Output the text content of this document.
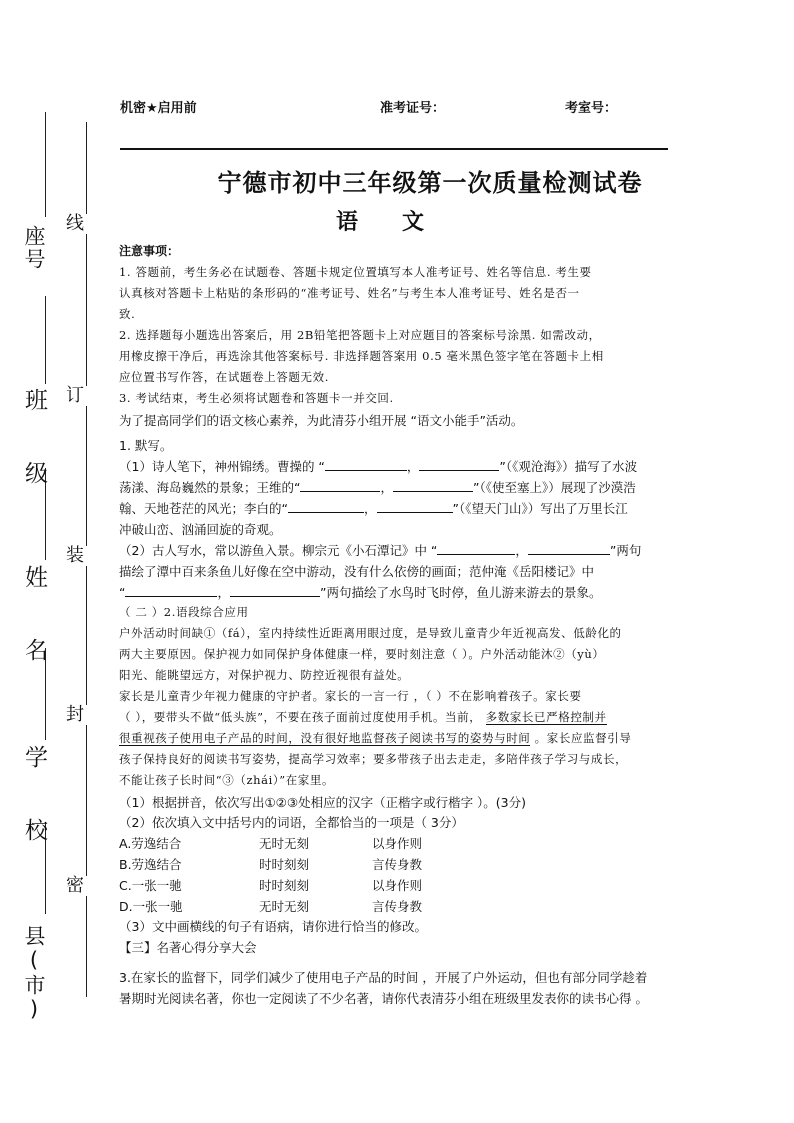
县(市)
学 校
姓 名
班 级
座号
密
封
装
订
线
机密★启用前	准考证号：	考室号：
宁德市初中三年级第一次质量检测试卷
语文
注意事项：
1. 答题前，考生务必在试题卷、答题卡规定位置填写本人准考证号、姓名等信息. 考生要
认真核对答题卡上粘贴的条形码的“准考证号、姓名”与考生本人准考证号、姓名是否一
致.
2. 选择题每小题选出答案后，用 2B铅笔把答题卡上对应题目的答案标号涂黑. 如需改动，
用橡皮擦干净后，再选涂其他答案标号. 非选择题答案用 0.5 毫米黑色签字笔在答题卡上相
应位置书写作答，在试题卷上答题无效.
3. 考试结束，考生必须将试题卷和答题卡一并交回.
为了提高同学们的语文核心素养，为此清芬小组开展 “语文小能手”活动。
1. 默写。
（1）诗人笔下，神州锦绣。曹操的 “	，	”（《观沧海》）描写了水波
荡漾、海岛巍然的景象；王维的“	，	”（《使至塞上》）展现了沙漠浩
翰、天地苍茫的风光；李白的“	，	”（《望天门山》）写出了万里长江
冲破山峦、汹涌回旋的奇观。
（2）古人写水，常以游鱼入景。柳宗元《小石潭记》中 “	，	”两句
描绘了潭中百来条鱼儿好像在空中游动，没有什么依傍的画面；范仲淹《岳阳楼记》中
“	，	”两句描绘了水鸟时飞时停，鱼儿游来游去的景象。
（ 二 ）2.语段综合应用
户外活动时间缺①（fá），室内持续性近距离用眼过度，是导致儿童青少年近视高发、低龄化的
两大主要原因。保护视力如同保护身体健康一样，要时刻注意（ ）。户外活动能沐②（yù）
阳光、能眺望远方，对保护视力、防控近视很有益处。
家长是儿童青少年视力健康的守护者。家长的一言一行 ，（ ）不在影响着孩子。家长要
（ ），要带头不做“低头族”，不要在孩子面前过度使用手机。当前， 多数家长已严格控制并
很重视孩子使用电子产品的时间，没有很好地监督孩子阅读书写的姿势与时间 。家长应监督引导
孩子保持良好的阅读书写姿势，提高学习效率；要多带孩子出去走走，多陪伴孩子学习与成长，
不能让孩子长时间“③（zhái）”在家里。
（1）根据拼音，依次写出①②③处相应的汉字（正楷字或行楷字 ）。(3分)
（2）依次填入文中括号内的词语，全都恰当的一项是（ 3分）
A.劳逸结合	无时无刻	以身作则
B.劳逸结合	时时刻刻	言传身教
C.一张一驰	时时刻刻	以身作则
D.一张一驰	无时无刻	言传身教
（3）文中画横线的句子有语病，请你进行恰当的修改。
【三】名著心得分享大会
3.在家长的监督下，同学们减少了使用电子产品的时间 ，开展了户外运动，但也有部分同学趁着
暑期时光阅读名著，你也一定阅读了不少名著，请你代表清芬小组在班级里发表你的读书心得 。
